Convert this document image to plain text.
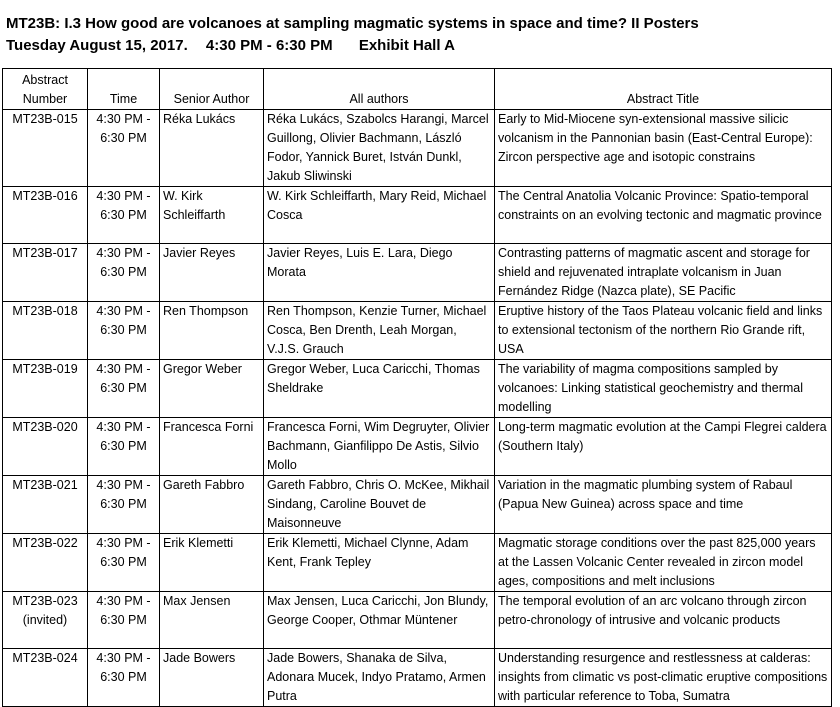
MT23B: I.3 How good are volcanoes at sampling magmatic systems in space and time? II Posters
Tuesday August 15, 2017. 4:30 PM - 6:30 PM Exhibit Hall A
Abstract Number	Time	Senior Author	All authors	Abstract Title
MT23B-015	4:30 PM - 6:30 PM	Réka Lukács	Réka Lukács, Szabolcs Harangi, Marcel Guillong, Olivier Bachmann, László Fodor, Yannick Buret, István Dunkl, Jakub Sliwinski	Early to Mid-Miocene syn-extensional massive silicic volcanism in the Pannonian basin (East-Central Europe): Zircon perspective age and isotopic constrains
MT23B-016	4:30 PM - 6:30 PM	W. Kirk Schleiffarth	W. Kirk Schleiffarth, Mary Reid, Michael Cosca	The Central Anatolia Volcanic Province: Spatio-temporal constraints on an evolving tectonic and magmatic province
MT23B-017	4:30 PM - 6:30 PM	Javier Reyes	Javier Reyes, Luis E. Lara, Diego Morata	Contrasting patterns of magmatic ascent and storage for shield and rejuvenated intraplate volcanism in Juan Fernández Ridge (Nazca plate), SE Pacific
MT23B-018	4:30 PM - 6:30 PM	Ren Thompson	Ren Thompson, Kenzie Turner, Michael Cosca, Ben Drenth, Leah Morgan, V.J.S. Grauch	Eruptive history of the Taos Plateau volcanic field and links to extensional tectonism of the northern Rio Grande rift, USA
MT23B-019	4:30 PM - 6:30 PM	Gregor Weber	Gregor Weber, Luca Caricchi, Thomas Sheldrake	The variability of magma compositions sampled by volcanoes: Linking statistical geochemistry and thermal modelling
MT23B-020	4:30 PM - 6:30 PM	Francesca Forni	Francesca Forni, Wim Degruyter, Olivier Bachmann, Gianfilippo De Astis, Silvio Mollo	Long-term magmatic evolution at the Campi Flegrei caldera (Southern Italy)
MT23B-021	4:30 PM - 6:30 PM	Gareth Fabbro	Gareth Fabbro, Chris O. McKee, Mikhail Sindang, Caroline Bouvet de Maisonneuve	Variation in the magmatic plumbing system of Rabaul (Papua New Guinea) across space and time
MT23B-022	4:30 PM - 6:30 PM	Erik Klemetti	Erik Klemetti, Michael Clynne, Adam Kent, Frank Tepley	Magmatic storage conditions over the past 825,000 years at the Lassen Volcanic Center revealed in zircon model ages, compositions and melt inclusions
MT23B-023 (invited)	4:30 PM - 6:30 PM	Max Jensen	Max Jensen, Luca Caricchi, Jon Blundy, George Cooper, Othmar Müntener	The temporal evolution of an arc volcano through zircon petro-chronology of intrusive and volcanic products
MT23B-024	4:30 PM - 6:30 PM	Jade Bowers	Jade Bowers, Shanaka de Silva, Adonara Mucek, Indyo Pratamo, Armen Putra	Understanding resurgence and restlessness at calderas: insights from climatic vs post-climatic eruptive compositions with particular reference to Toba, Sumatra
